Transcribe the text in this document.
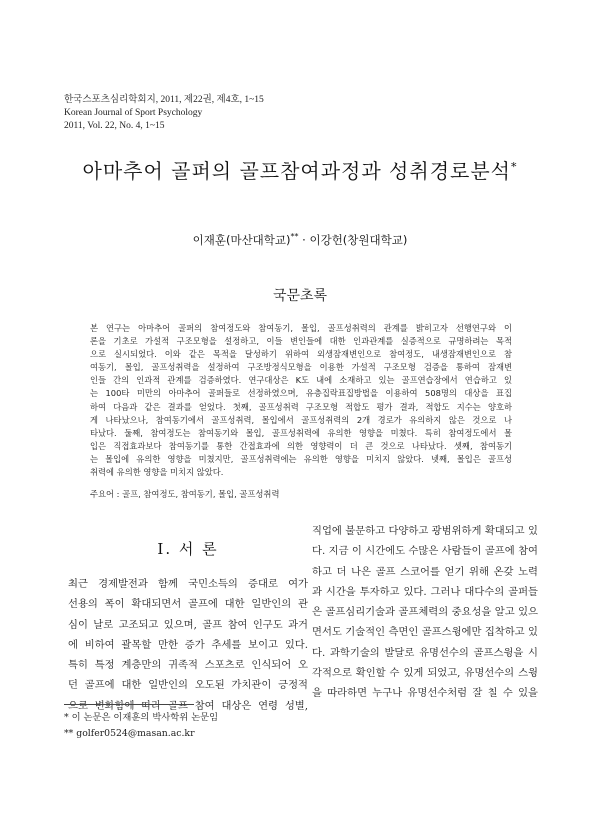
한국스포츠심리학회지, 2011, 제22권, 제4호, 1~15
Korean Journal of Sport Psychology
2011, Vol. 22, No. 4, 1~15
아마추어 골퍼의 골프참여과정과 성취경로분석*
이재훈(마산대학교)** · 이강헌(창원대학교)
국문초록
본 연구는 아마추어 골퍼의 참여정도와 참여동기, 몰입, 골프성취력의 관계를 밝히고자 선행연구와 이
론을 기초로 가설적 구조모형을 설정하고, 이들 변인들에 대한 인과관계를 실증적으로 규명하려는 목적
으로 실시되었다. 이와 같은 목적을 달성하기 위하여 외생잠재변인으로 참여정도, 내생잠재변인으로 참
여동기, 몰입, 골프성취력을 설정하여 구조방정식모형을 이용한 가설적 구조모형 검증을 통하여 잠재변
인들 간의 인과적 관계를 검증하였다. 연구대상은 K도 내에 소재하고 있는 골프연습장에서 연습하고 있
는 100타 미만의 아마추어 골퍼들로 선정하였으며, 유층집락표집방법을 이용하여 508명의 대상을 표집
하여 다음과 같은 결과를 얻었다. 첫째, 골프성취력 구조모형 적합도 평가 결과, 적합도 지수는 양호하
게 나타났으나, 참여동기에서 골프성취력, 몰입에서 골프성취력의 2개 경로가 유의하지 않은 것으로 나
타났다. 둘째, 참여정도는 참여동기와 몰입, 골프성취력에 유의한 영향을 미쳤다. 특히 참여정도에서 몰
입은 직접효과보다 참여동기를 통한 간접효과에 의한 영향력이 더 큰 것으로 나타났다. 셋째, 참여동기
는 몰입에 유의한 영향을 미쳤지만, 골프성취력에는 유의한 영향을 미치지 않았다. 넷째, 몰입은 골프성
취력에 유의한 영향을 미치지 않았다.
주요어 : 골프, 참여정도, 참여동기, 몰입, 골프성취력
Ⅰ. 서 론
최근 경제발전과 함께 국민소득의 증대로 여가
선용의 폭이 확대되면서 골프에 대한 일반인의 관
심이 날로 고조되고 있으며, 골프 참여 인구도 과거
에 비하여 괄목할 만한 증가 추세를 보이고 있다.
특히 특정 계층만의 귀족적 스포츠로 인식되어 오
던 골프에 대한 일반인의 오도된 가치관이 긍정적
으로 변화함에 따라 골프 참여 대상은 연령 성별,
직업에 불문하고 다양하고 광범위하게 확대되고 있
다. 지금 이 시간에도 수많은 사람들이 골프에 참여
하고 더 나은 골프 스코어를 얻기 위해 온갖 노력
과 시간을 투자하고 있다. 그러나 대다수의 골퍼들
은 골프심리기술과 골프체력의 중요성을 알고 있으
면서도 기술적인 측면인 골프스윙에만 집착하고 있
다. 과학기술의 발달로 유명선수의 골프스윙을 시
각적으로 확인할 수 있게 되었고, 유명선수의 스윙
을 따라하면 누구나 유명선수처럼 잘 칠 수 있을
* 이 논문은 이재훈의 박사학위 논문임
** golfer0524@masan.ac.kr
